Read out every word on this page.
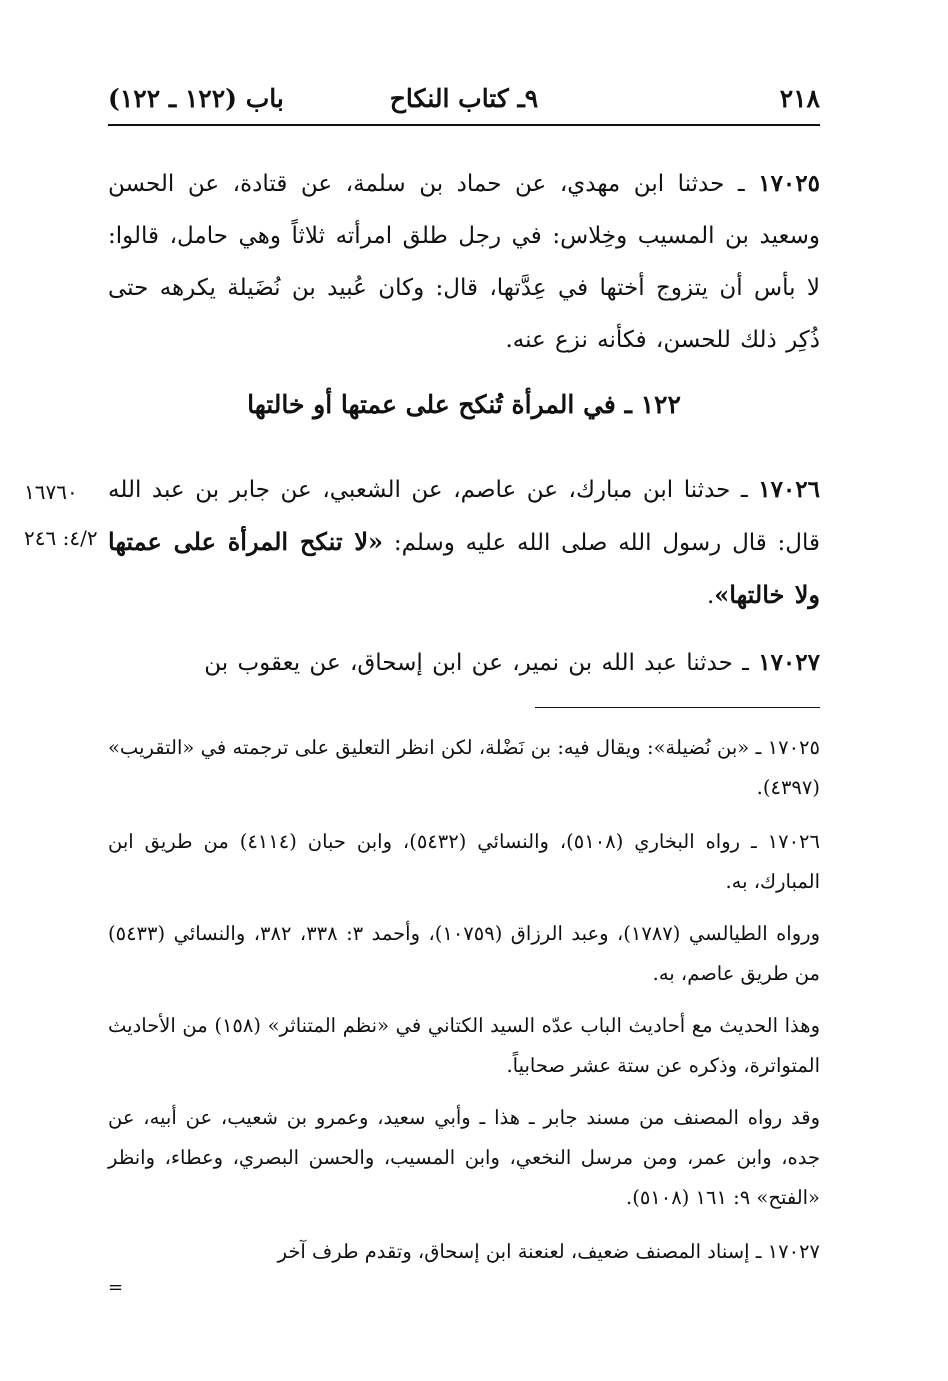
٢١٨
٩ـ كتاب النكاح
باب (١٢٢ ـ ١٢٢)
١٧٠٢٥ ـ حدثنا ابن مهدي، عن حماد بن سلمة، عن قتادة، عن الحسن وسعيد بن المسيب وخِلاس: في رجل طلق امرأته ثلاثاً وهي حامل، قالوا: لا بأس أن يتزوج أختها في عِدَّتها، قال: وكان عُبيد بن نُضَيلة يكرهه حتى ذُكِر ذلك للحسن، فكأنه نزع عنه.
١٢٢ ـ في المرأة تُنكح على عمتها أو خالتها
١٦٧٦٠
٤/٢: ٢٤٦
١٧٠٢٦ ـ حدثنا ابن مبارك، عن عاصم، عن الشعبي، عن جابر بن عبد الله قال: قال رسول الله صلى الله عليه وسلم: «لا تنكح المرأة على عمتها ولا خالتها».
١٧٠٢٧ ـ حدثنا عبد الله بن نمير، عن ابن إسحاق، عن يعقوب بن
١٧٠٢٥ ـ «بن نُضيلة»: ويقال فيه: بن نَضْلة، لكن انظر التعليق على ترجمته في «التقريب» (٤٣٩٧).
١٧٠٢٦ ـ رواه البخاري (٥١٠٨)، والنسائي (٥٤٣٢)، وابن حبان (٤١١٤) من طريق ابن المبارك، به.
ورواه الطيالسي (١٧٨٧)، وعبد الرزاق (١٠٧٥٩)، وأحمد ٣: ٣٣٨، ٣٨٢، والنسائي (٥٤٣٣) من طريق عاصم، به.
وهذا الحديث مع أحاديث الباب عدّه السيد الكتاني في «نظم المتناثر» (١٥٨) من الأحاديث المتواترة، وذكره عن ستة عشر صحابياً.
وقد رواه المصنف من مسند جابر ـ هذا ـ وأبي سعيد، وعمرو بن شعيب، عن أبيه، عن جده، وابن عمر، ومن مرسل النخعي، وابن المسيب، والحسن البصري، وعطاء، وانظر «الفتح» ٩: ١٦١ (٥١٠٨).
١٧٠٢٧ ـ إسناد المصنف ضعيف، لعنعنة ابن إسحاق، وتقدم طرف آخر
=
